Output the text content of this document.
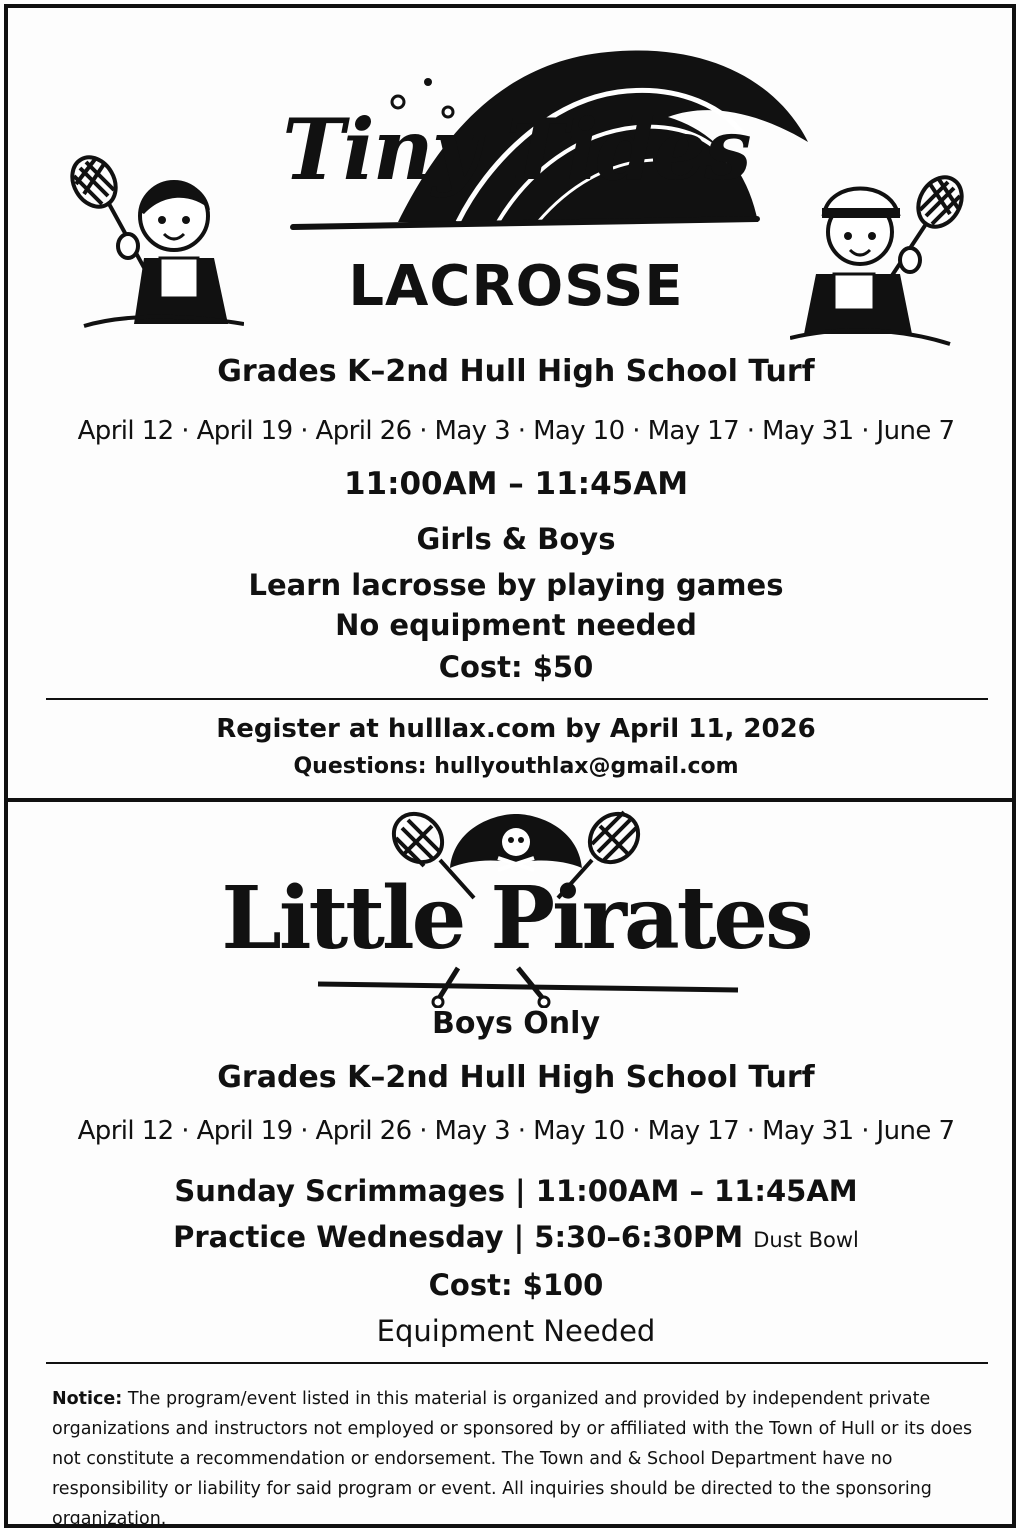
Tiny Tides
LACROSSE
Grades K–2nd Hull High School Turf
April 12 · April 19 · April 26 · May 3 · May 10 · May 17 · May 31 · June 7
11:00AM – 11:45AM
Girls & Boys
Learn lacrosse by playing games
No equipment needed
Cost: $50
Register at hulllax.com by April 11, 2026
Questions: hullyouthlax@gmail.com
Little Pirates
Boys Only
Grades K–2nd Hull High School Turf
April 12 · April 19 · April 26 · May 3 · May 10 · May 17 · May 31 · June 7
Sunday Scrimmages | 11:00AM – 11:45AM
Practice Wednesday | 5:30–6:30PM Dust Bowl
Cost: $100
Equipment Needed
Notice: The program/event listed in this material is organized and provided by independent private organizations and instructors not employed or sponsored by or affiliated with the Town of Hull or its does not constitute a recommendation or endorsement. The Town and & School Department have no responsibility or liability for said program or event. All inquiries should be directed to the sponsoring organization.
